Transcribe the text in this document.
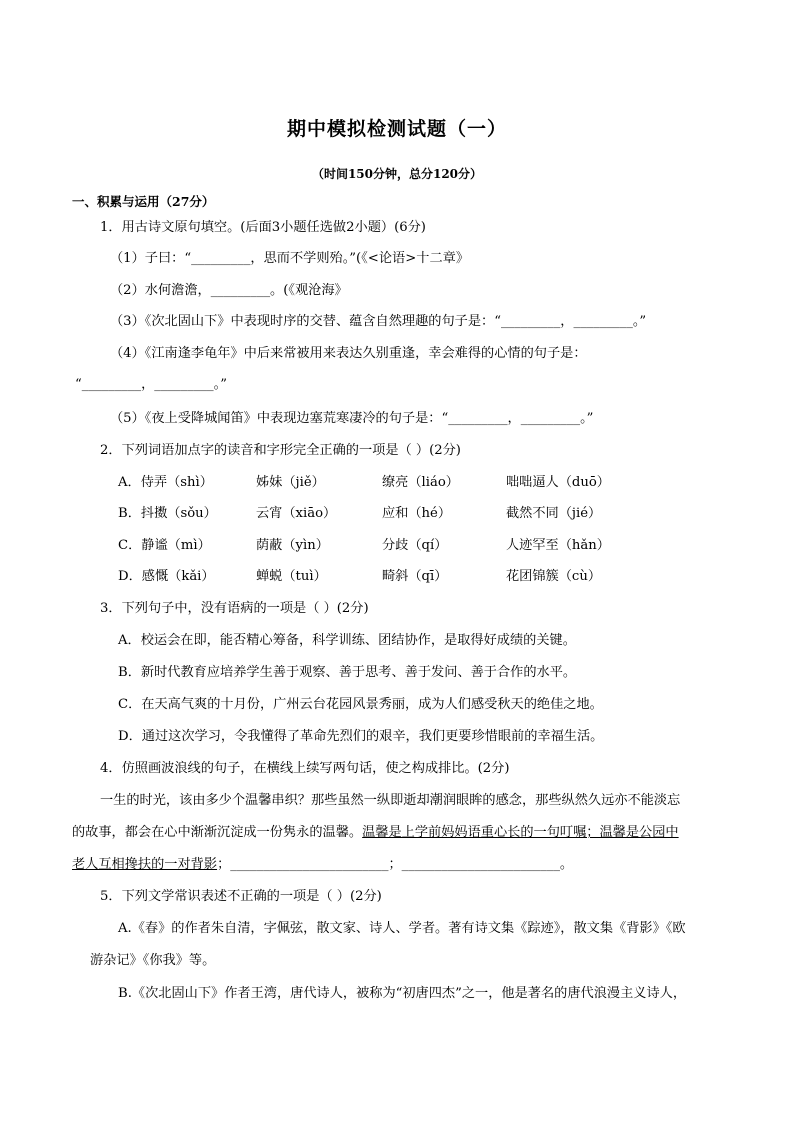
期中模拟检测试题（一）
（时间150分钟，总分120分）
一、积累与运用（27分）
1．用古诗文原句填空。(后面3小题任选做2小题）(6分)
（1）子曰：“_________，思而不学则殆。”(《<论语>十二章》
（2）水何澹澹，_________。(《观沧海》
（3）《次北固山下》中表现时序的交替、蕴含自然理趣的句子是：“_________，_________。”
（4）《江南逢李龟年》中后来常被用来表达久别重逢，幸会难得的心情的句子是：
“_________，_________。”
（5）《夜上受降城闻笛》中表现边塞荒寒凄冷的句子是：“_________，_________。”
2．下列词语加点字的读音和字形完全正确的一项是（ ）(2分)
A．侍弄（shì）	姊妹（jiě）	缭亮（liáo）	咄咄逼人（duō）
B．抖擞（sǒu）	云宵（xiāo）	应和（hé）	截然不同（jié）
C．静谧（mì）	荫蔽（yìn）	分歧（qí）	人迹罕至（hǎn）
D．感慨（kǎi）	蝉蜕（tuì）	畸斜（qī）	花团锦簇（cù）
3．下列句子中，没有语病的一项是（ ）(2分)
A．校运会在即，能否精心筹备，科学训练、团结协作，是取得好成绩的关键。
B．新时代教育应培养学生善于观察、善于思考、善于发问、善于合作的水平。
C．在天高气爽的十月份，广州云台花园风景秀丽，成为人们感受秋天的绝佳之地。
D．通过这次学习，令我懂得了革命先烈们的艰辛，我们更要珍惜眼前的幸福生活。
4．仿照画波浪线的句子，在横线上续写两句话，使之构成排比。(2分)
一生的时光，该由多少个温馨串织？那些虽然一纵即逝却潮润眼眸的感念，那些纵然久远亦不能淡忘
的故事，都会在心中渐渐沉淀成一份隽永的温馨。温馨是上学前妈妈语重心长的一句叮嘱；温馨是公园中
老人互相搀扶的一对背影；________________________；________________________。
5．下列文学常识表述不正确的一项是（ ）(2分)
A.《春》的作者朱自清，字佩弦，散文家、诗人、学者。著有诗文集《踪迹》，散文集《背影》《欧
游杂记》《你我》等。
B.《次北固山下》作者王湾，唐代诗人，被称为“初唐四杰”之一，他是著名的唐代浪漫主义诗人，
